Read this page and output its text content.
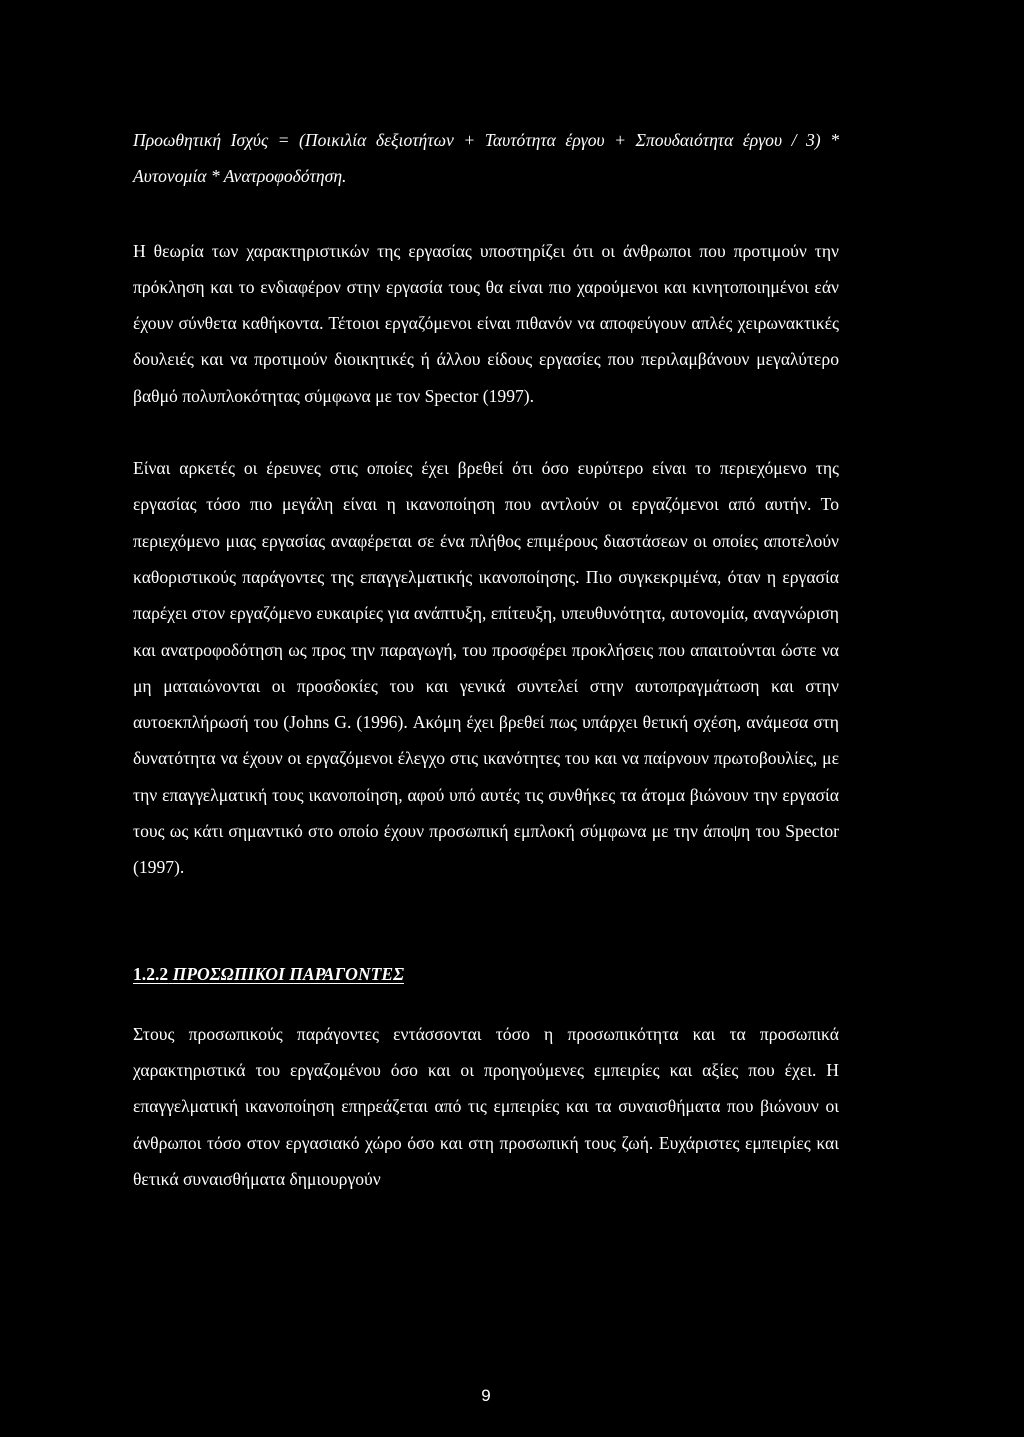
Προωθητική Ισχύς = (Ποικιλία δεξιοτήτων + Ταυτότητα έργου + Σπουδαιότητα έργου / 3) * Αυτονομία * Ανατροφοδότηση.

Η θεωρία των χαρακτηριστικών της εργασίας υποστηρίζει ότι οι άνθρωποι που προτιμούν την πρόκληση και το ενδιαφέρον στην εργασία τους θα είναι πιο χαρούμενοι και κινητοποιημένοι εάν έχουν σύνθετα καθήκοντα. Τέτοιοι εργαζόμενοι είναι πιθανόν να αποφεύγουν απλές χειρωνακτικές δουλειές και να προτιμούν διοικητικές ή άλλου είδους εργασίες που περιλαμβάνουν μεγαλύτερο βαθμό πολυπλοκότητας σύμφωνα με τον Spector (1997).

Είναι αρκετές οι έρευνες στις οποίες έχει βρεθεί ότι όσο ευρύτερο είναι το περιεχόμενο της εργασίας τόσο πιο μεγάλη είναι η ικανοποίηση που αντλούν οι εργαζόμενοι από αυτήν. Το περιεχόμενο μιας εργασίας αναφέρεται σε ένα πλήθος επιμέρους διαστάσεων οι οποίες αποτελούν καθοριστικούς παράγοντες της επαγγελματικής ικανοποίησης. Πιο συγκεκριμένα, όταν η εργασία παρέχει στον εργαζόμενο ευκαιρίες για ανάπτυξη, επίτευξη, υπευθυνότητα, αυτονομία, αναγνώριση και ανατροφοδότηση ως προς την παραγωγή, του προσφέρει προκλήσεις που απαιτούνται ώστε να μη ματαιώνονται οι προσδοκίες του και γενικά συντελεί στην αυτοπραγμάτωση και στην αυτοεκπλήρωσή του (Johns G. (1996). Ακόμη έχει βρεθεί πως υπάρχει θετική σχέση, ανάμεσα στη δυνατότητα να έχουν οι εργαζόμενοι έλεγχο στις ικανότητες του και να παίρνουν πρωτοβουλίες, με την επαγγελματική τους ικανοποίηση, αφού υπό αυτές τις συνθήκες τα άτομα βιώνουν την εργασία τους ως κάτι σημαντικό στο οποίο έχουν προσωπική εμπλοκή σύμφωνα με την άποψη του Spector (1997).

1.2.2 ΠΡΟΣΩΠΙΚΟΙ ΠΑΡΑΓΟΝΤΕΣ

Στους προσωπικούς παράγοντες εντάσσονται τόσο η προσωπικότητα και τα προσωπικά χαρακτηριστικά του εργαζομένου όσο και οι προηγούμενες εμπειρίες και αξίες που έχει. Η επαγγελματική ικανοποίηση επηρεάζεται από τις εμπειρίες και τα συναισθήματα που βιώνουν οι άνθρωποι τόσο στον εργασιακό χώρο όσο και στη προσωπική τους ζωή. Ευχάριστες εμπειρίες και θετικά συναισθήματα δημιουργούν

9
